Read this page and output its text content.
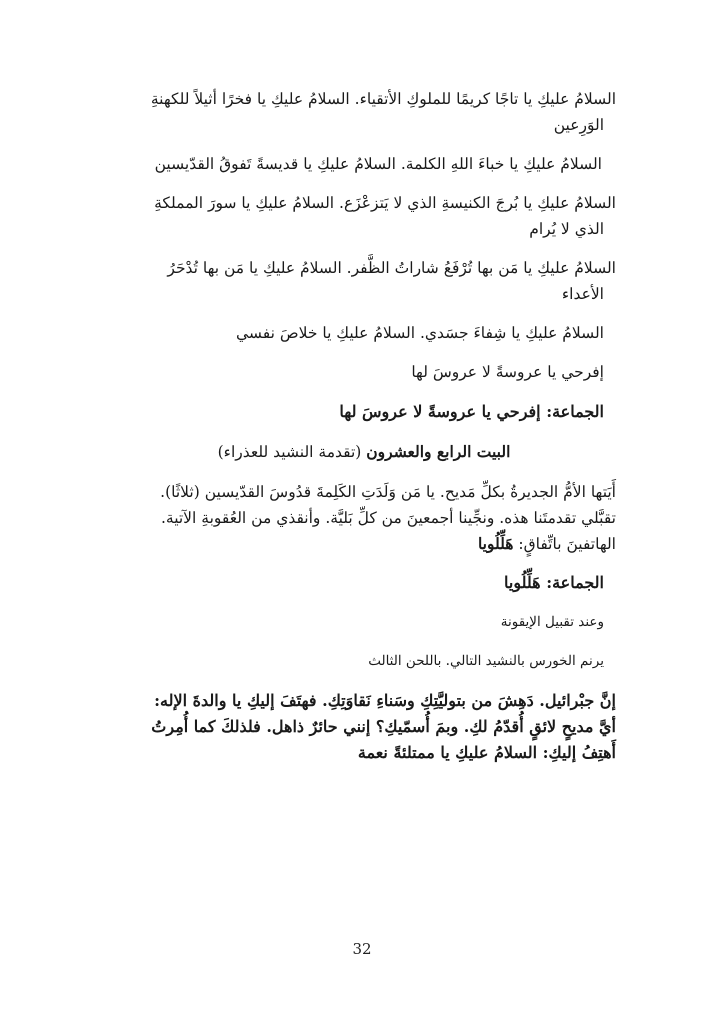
السلامُ عليكِ يا تاجًا كريمًا للملوكِ الأتقياء. السلامُ عليكِ يا فخرًا أثيلاً للكهنةِ

الوَرِعين

السلامُ عليكِ يا خباءَ اللهِ الكلمة. السلامُ عليكِ يا قديسةً تَفوقُ القدّيسين

السلامُ عليكِ يا بُرجَ الكنيسةِ الذي لا يَتزعْزَع. السلامُ عليكِ يا سورَ المملكةِ

الذي لا يُرام

السلامُ عليكِ يا مَن بها تُرْفَعُ شاراتُ الظَّفر. السلامُ عليكِ يا مَن بها تُدْحَرُ

الأعداء

السلامُ عليكِ يا شِفاءَ جسَدي. السلامُ عليكِ يا خلاصَ نفسي

إفرحي يا عروسةً لا عروسَ لها

الجماعة: إفرحي يا عروسةً لا عروسَ لها

البيت الرابع والعشرون (تقدمة النشيد للعذراء)

أَيَتها الأمُّ الجديرةُ بكلِّ مَديح. يا مَن وَلَدَتِ الكَلِمةَ قدُوسَ القدّيسين (ثلاثًا).

تقبَّلي تقدمتَنا هذه. ونجِّينا أجمعينَ من كلِّ بَليَّة. وأنقذي من العُقوبةِ الآتية.

الهاتفينَ باتِّفاقٍ: هَلِّلُويا

الجماعة: هَلِّلُويا

وعند تقبيل الإيقونة

يرنم الخورس بالنشيد التالي. باللحن الثالث

إنَّ جبْرائيل. دَهِشَ من بتوليَّتِكِ وسَناءِ نَقاوَتِكِ. فهتَفَ إليكِ يا والدةَ الإله:

أيَّ مديحٍ لائقٍ أُقدّمُ لكِ. وبمَ أُسمّيكِ؟ إنني حائرٌ ذاهل. فلذلكَ كما أُمِرتُ

أَهتِفُ إليكِ: السلامُ عليكِ يا ممتلئةً نعمة

32
